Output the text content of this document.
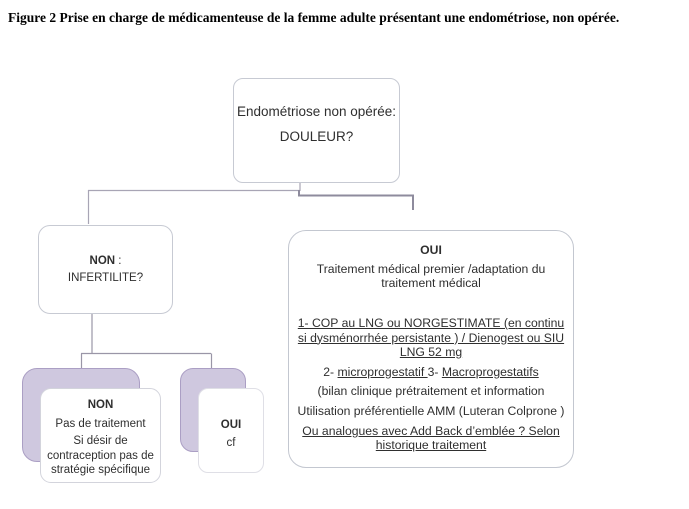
Figure 2 Prise en charge de médicamenteuse de la femme adulte présentant une endométriose, non opérée.
Endométriose non opérée:
DOULEUR?
NON :
INFERTILITE?

OUI

Traitement médical premier /adaptation du traitement médical

1- COP au LNG ou NORGESTIMATE (en continu si dysménorrhée persistante ) / Dienogest ou SIU LNG 52 mg

2- microprogestatif 3- Macroprogestatifs

(bilan clinique prétraitement et information

Utilisation préférentielle AMM (Luteran Colprone )

Ou analogues avec Add Back d’emblée ? Selon historique traitement

NON

Pas de traitement

Si désir de contraception pas de stratégie spécifique

OUI
cf
